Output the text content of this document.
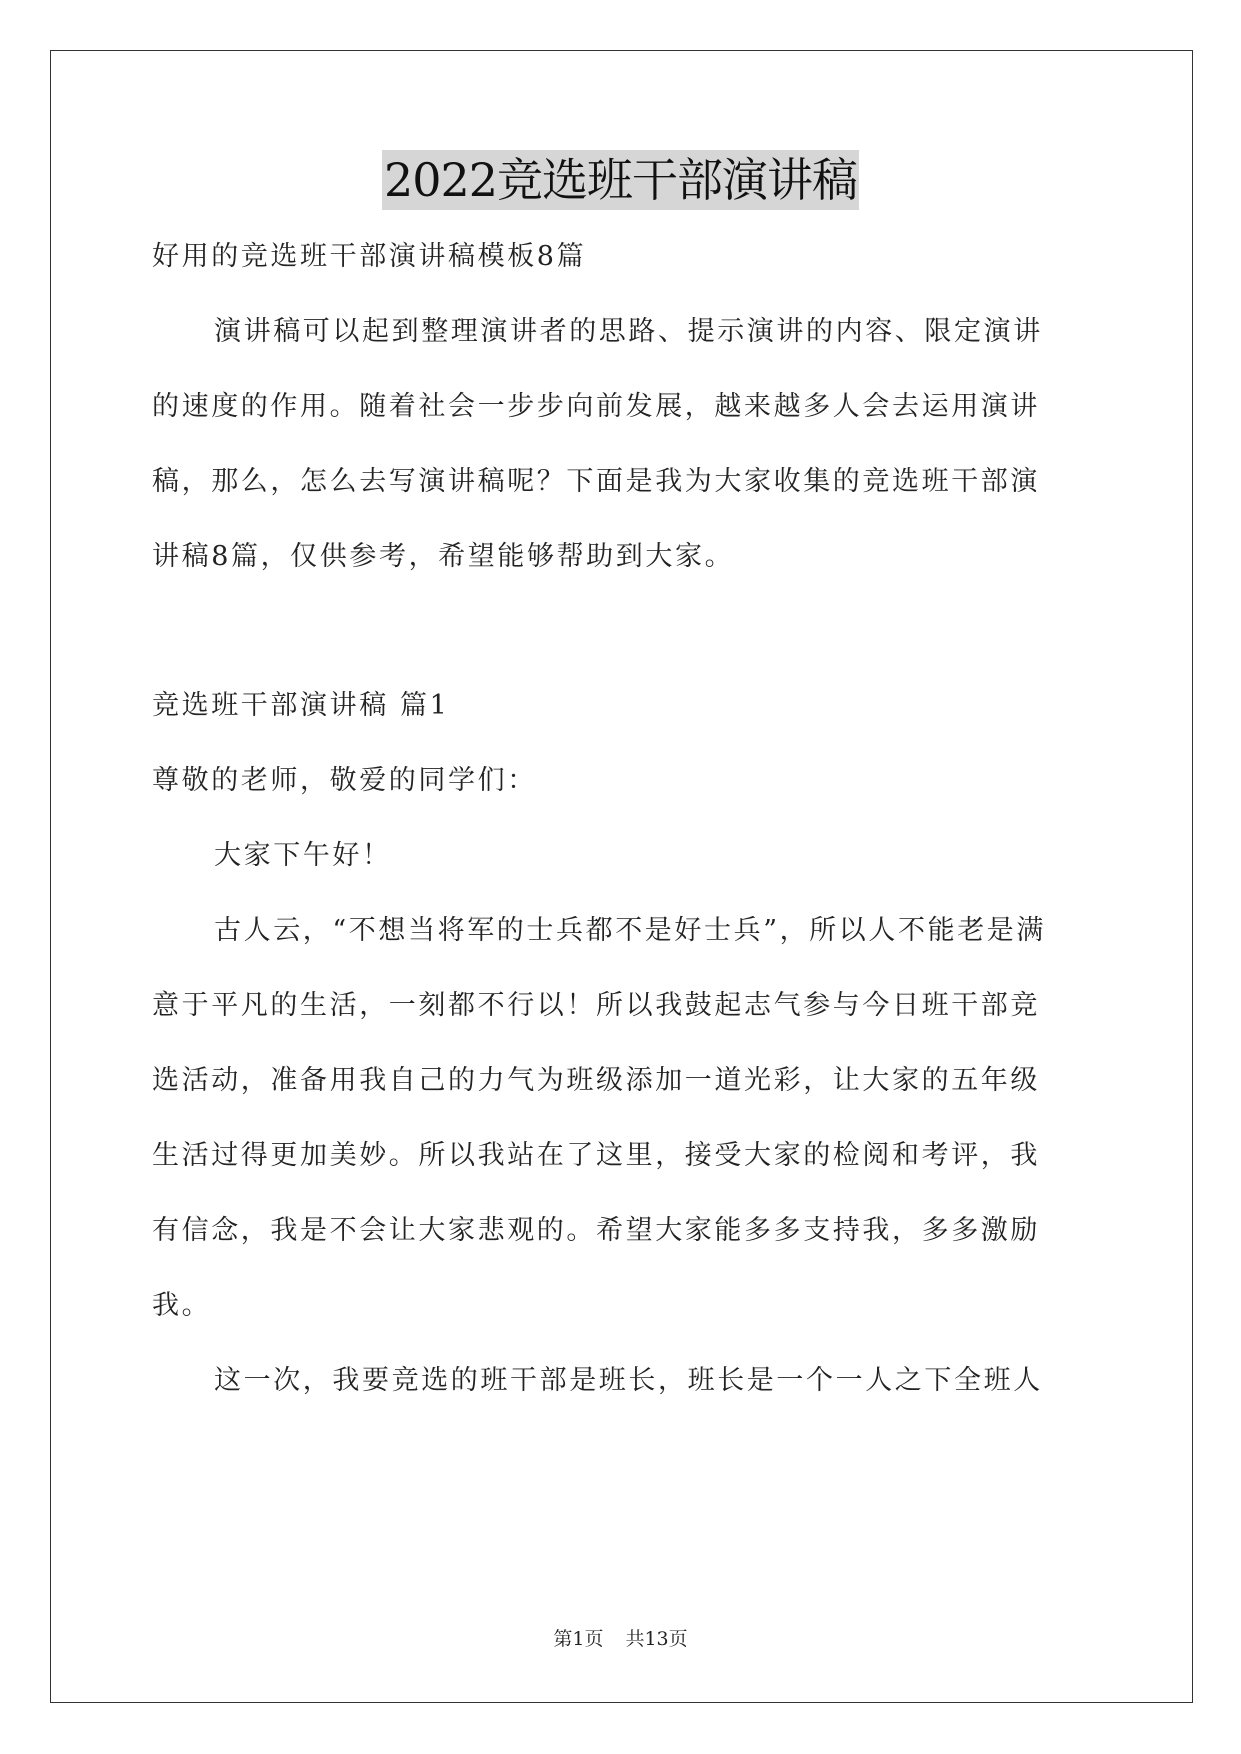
2022竞选班干部演讲稿
好用的竞选班干部演讲稿模板8篇
演讲稿可以起到整理演讲者的思路、提示演讲的内容、限定演讲
的速度的作用。随着社会一步步向前发展，越来越多人会去运用演讲
稿，那么，怎么去写演讲稿呢？下面是我为大家收集的竞选班干部演
讲稿8篇，仅供参考，希望能够帮助到大家。
竞选班干部演讲稿 篇1
尊敬的老师，敬爱的同学们：
大家下午好！
古人云，“不想当将军的士兵都不是好士兵”，所以人不能老是满
意于平凡的生活，一刻都不行以！所以我鼓起志气参与今日班干部竞
选活动，准备用我自己的力气为班级添加一道光彩，让大家的五年级
生活过得更加美妙。所以我站在了这里，接受大家的检阅和考评，我
有信念，我是不会让大家悲观的。希望大家能多多支持我，多多激励
我。
这一次，我要竞选的班干部是班长，班长是一个一人之下全班人
第1页 共13页
